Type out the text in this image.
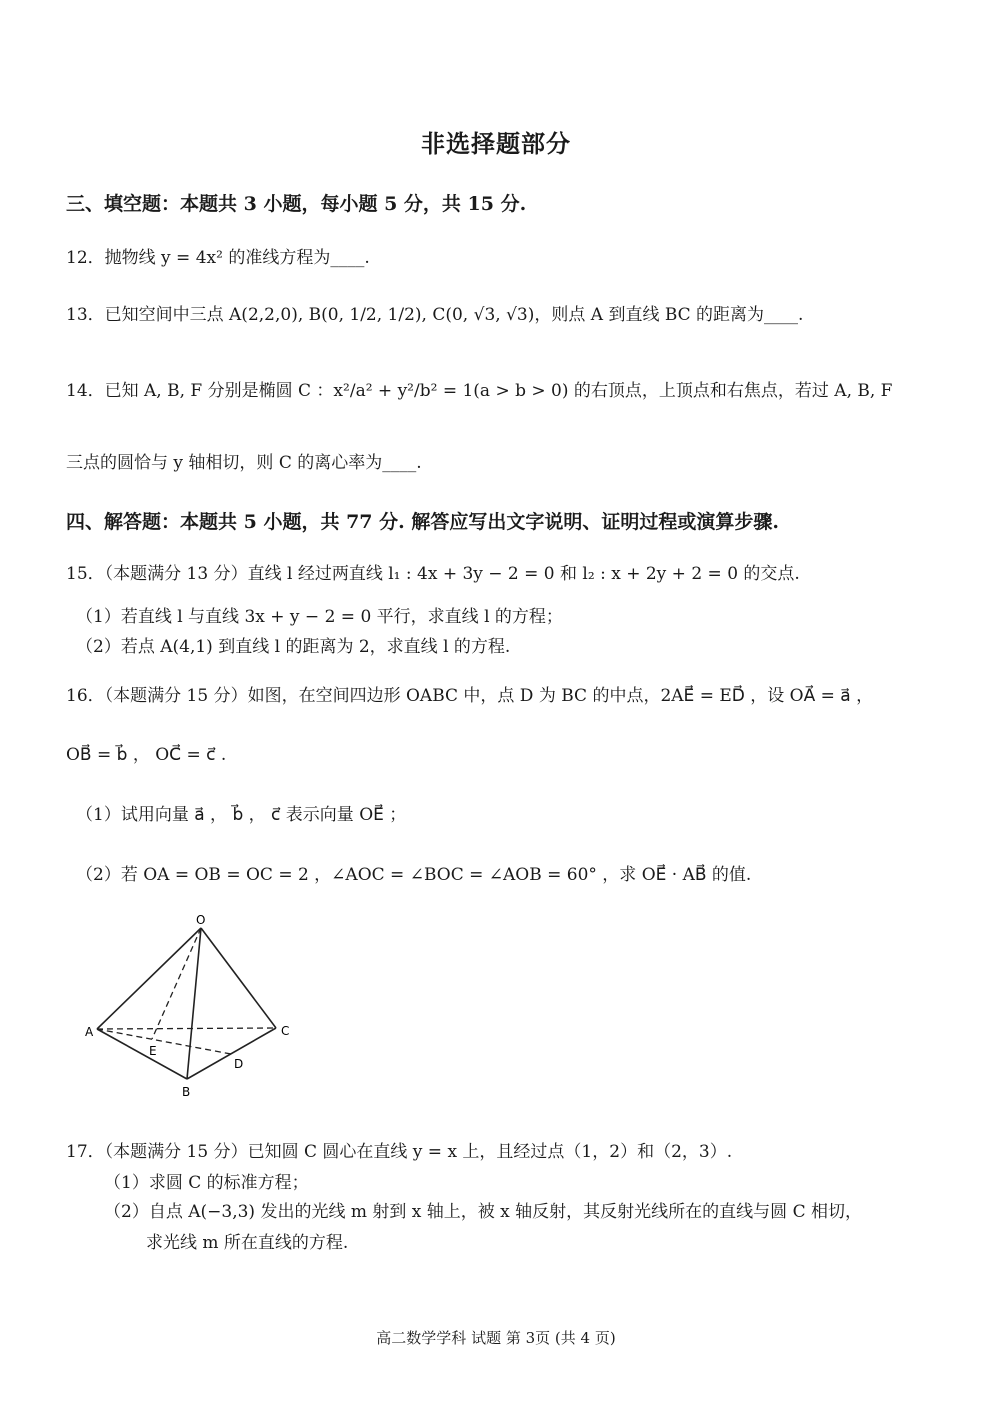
非选择题部分
三、填空题：本题共 3 小题，每小题 5 分，共 15 分.
12．抛物线 y = 4x² 的准线方程为____.
13．已知空间中三点 A(2,2,0), B(0, 1/2, 1/2), C(0, √3, √3)，则点 A 到直线 BC 的距离为____.
14．已知 A, B, F 分别是椭圆 C ：x²/a² + y²/b² = 1(a > b > 0) 的右顶点，上顶点和右焦点，若过 A, B, F
三点的圆恰与 y 轴相切，则 C 的离心率为____.
四、解答题：本题共 5 小题，共 77 分. 解答应写出文字说明、证明过程或演算步骤.
15．（本题满分 13 分）直线 l 经过两直线 l₁ : 4x + 3y − 2 = 0 和 l₂ : x + 2y + 2 = 0 的交点.
（1）若直线 l 与直线 3x + y − 2 = 0 平行，求直线 l 的方程；
（2）若点 A(4,1) 到直线 l 的距离为 2，求直线 l 的方程.
16．（本题满分 15 分）如图，在空间四边形 OABC 中，点 D 为 BC 的中点，2AE⃗ = ED⃗ ，设 OA⃗ = a⃗ ，
OB⃗ = b⃗ ， OC⃗ = c⃗ .
（1）试用向量 a⃗ ， b⃗ ， c⃗ 表示向量 OE⃗ ；
（2）若 OA = OB = OC = 2 ，∠AOC = ∠BOC = ∠AOB = 60° ，求 OE⃗ · AB⃗ 的值.
O
A	C
E
D
B
17．（本题满分 15 分）已知圆 C 圆心在直线 y = x 上，且经过点（1，2）和（2，3）.
（1）求圆 C 的标准方程；
（2）自点 A(−3,3) 发出的光线 m 射到 x 轴上，被 x 轴反射，其反射光线所在的直线与圆 C 相切，
求光线 m 所在直线的方程.
高二数学学科 试题 第 3页 (共 4 页)
